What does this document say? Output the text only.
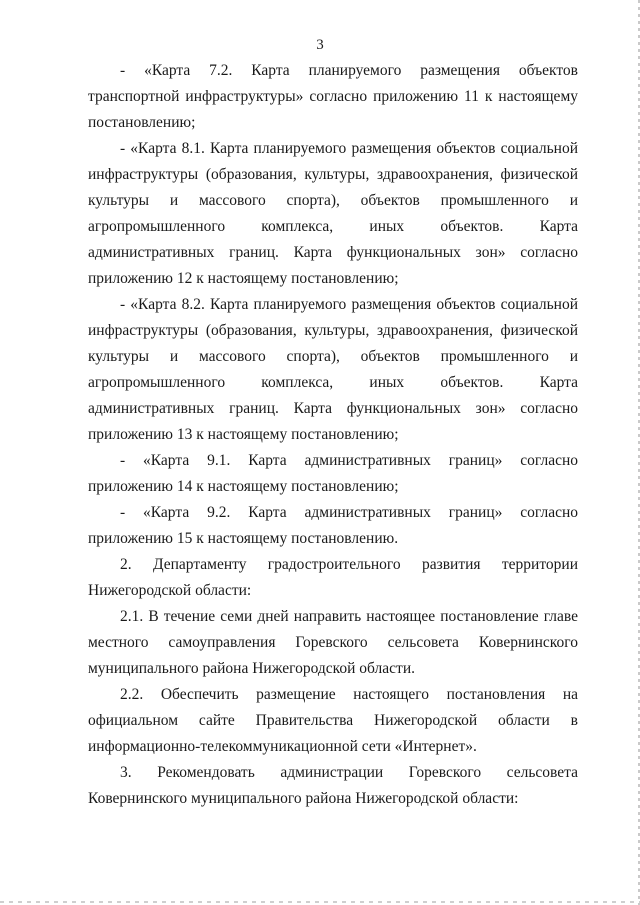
3

- «Карта 7.2. Карта планируемого размещения объектов транспортной инфраструктуры» согласно приложению 11 к настоящему постановлению;

- «Карта 8.1. Карта планируемого размещения объектов социальной инфраструктуры (образования, культуры, здравоохранения, физической культуры и массового спорта), объектов промышленного и агропромышленного комплекса, иных объектов. Карта административных границ. Карта функциональных зон» согласно приложению 12 к настоящему постановлению;

- «Карта 8.2. Карта планируемого размещения объектов социальной инфраструктуры (образования, культуры, здравоохранения, физической культуры и массового спорта), объектов промышленного и агропромышленного комплекса, иных объектов. Карта административных границ. Карта функциональных зон» согласно приложению 13 к настоящему постановлению;

- «Карта 9.1. Карта административных границ» согласно приложению 14 к настоящему постановлению;

- «Карта 9.2. Карта административных границ» согласно приложению 15 к настоящему постановлению.

2. Департаменту градостроительного развития территории Нижегородской области:

2.1. В течение семи дней направить настоящее постановление главе местного самоуправления Горевского сельсовета Ковернинского муниципального района Нижегородской области.

2.2. Обеспечить размещение настоящего постановления на официальном сайте Правительства Нижегородской области в информационно-телекоммуникационной сети «Интернет».

3. Рекомендовать администрации Горевского сельсовета Ковернинского муниципального района Нижегородской области:
